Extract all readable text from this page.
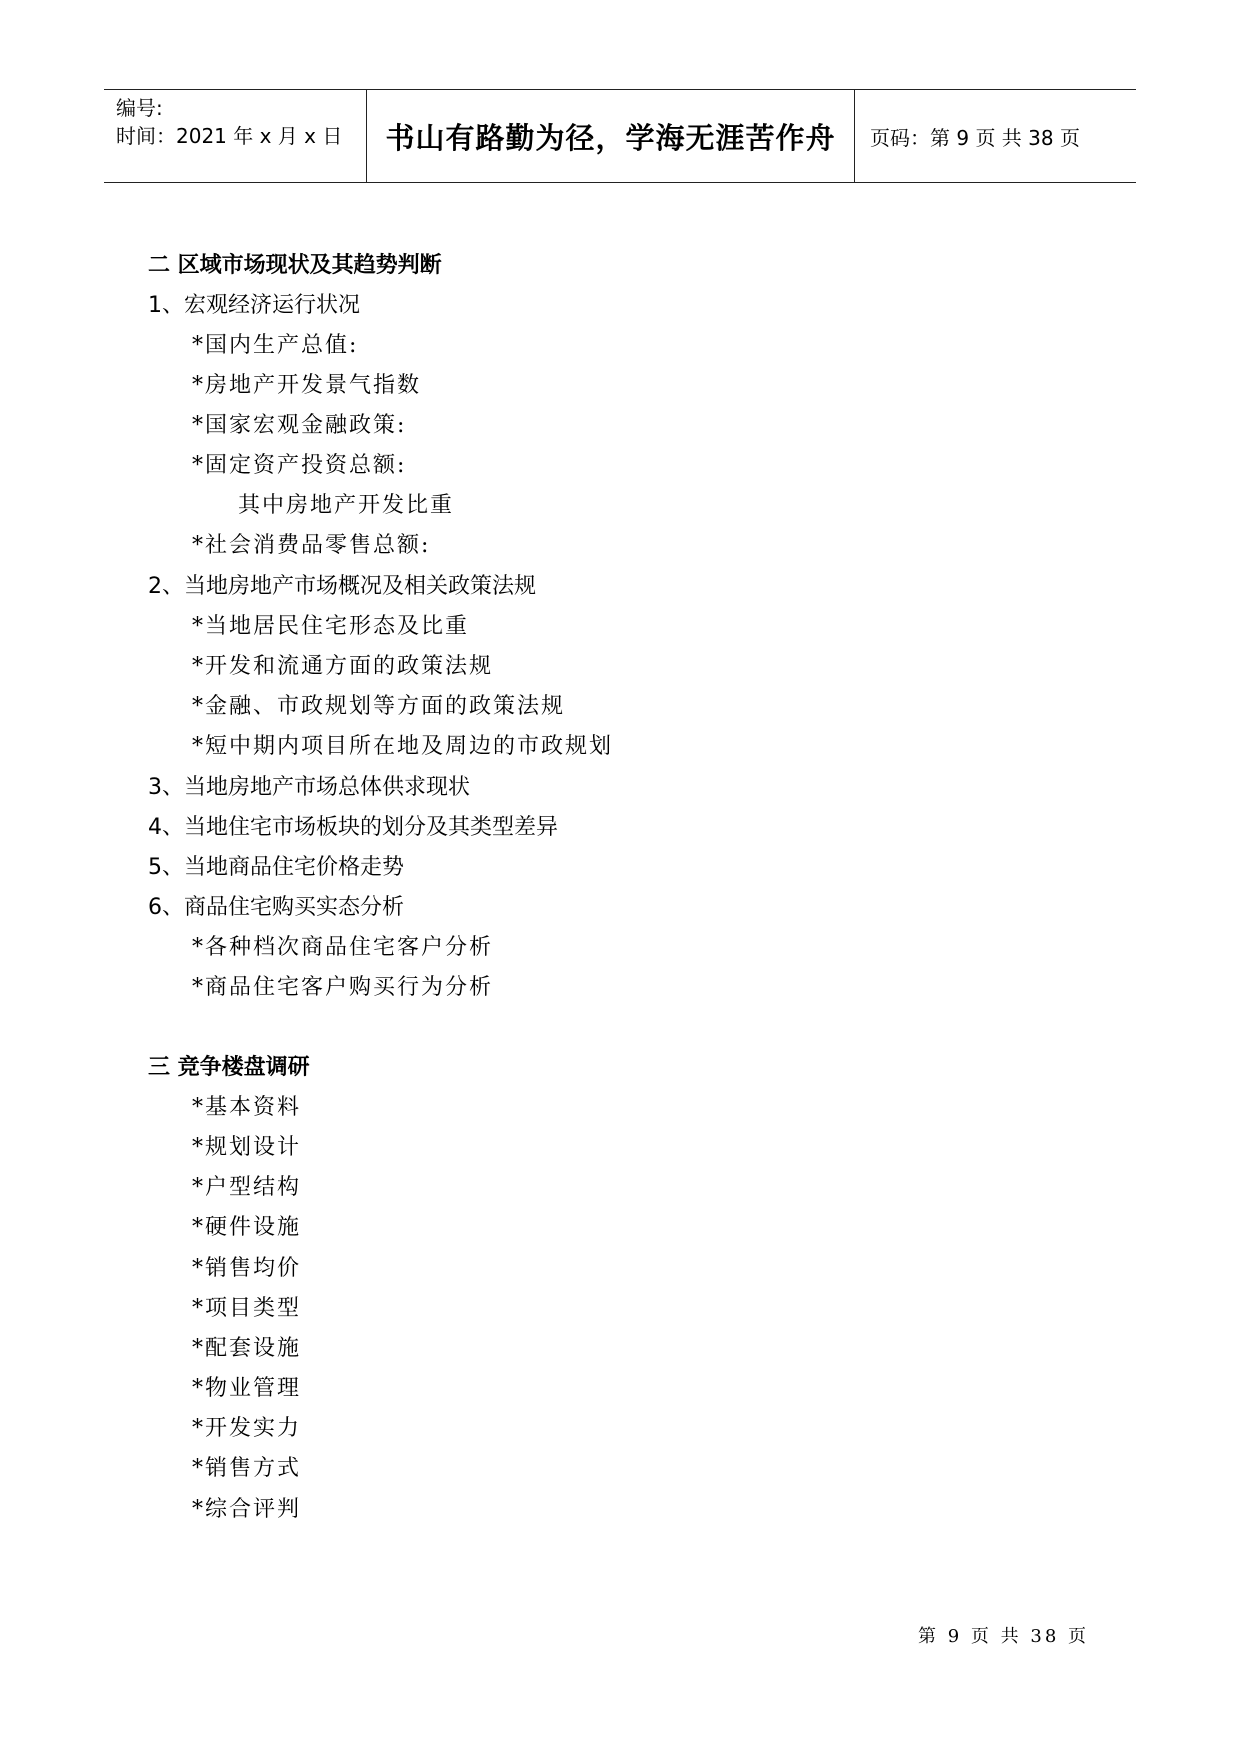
编号:
时间：2021 年 x 月 x 日	书山有路勤为径，学海无涯苦作舟	页码：第 9 页 共 38 页
二 区域市场现状及其趋势判断
1、宏观经济运行状况
*国内生产总值:
*房地产开发景气指数
*国家宏观金融政策:
*固定资产投资总额:
其中房地产开发比重
*社会消费品零售总额:
2、当地房地产市场概况及相关政策法规
*当地居民住宅形态及比重
*开发和流通方面的政策法规
*金融、市政规划等方面的政策法规
*短中期内项目所在地及周边的市政规划
3、当地房地产市场总体供求现状
4、当地住宅市场板块的划分及其类型差异
5、当地商品住宅价格走势
6、商品住宅购买实态分析
*各种档次商品住宅客户分析
*商品住宅客户购买行为分析
三 竞争楼盘调研
*基本资料
*规划设计
*户型结构
*硬件设施
*销售均价
*项目类型
*配套设施
*物业管理
*开发实力
*销售方式
*综合评判
第 9 页 共 38 页
